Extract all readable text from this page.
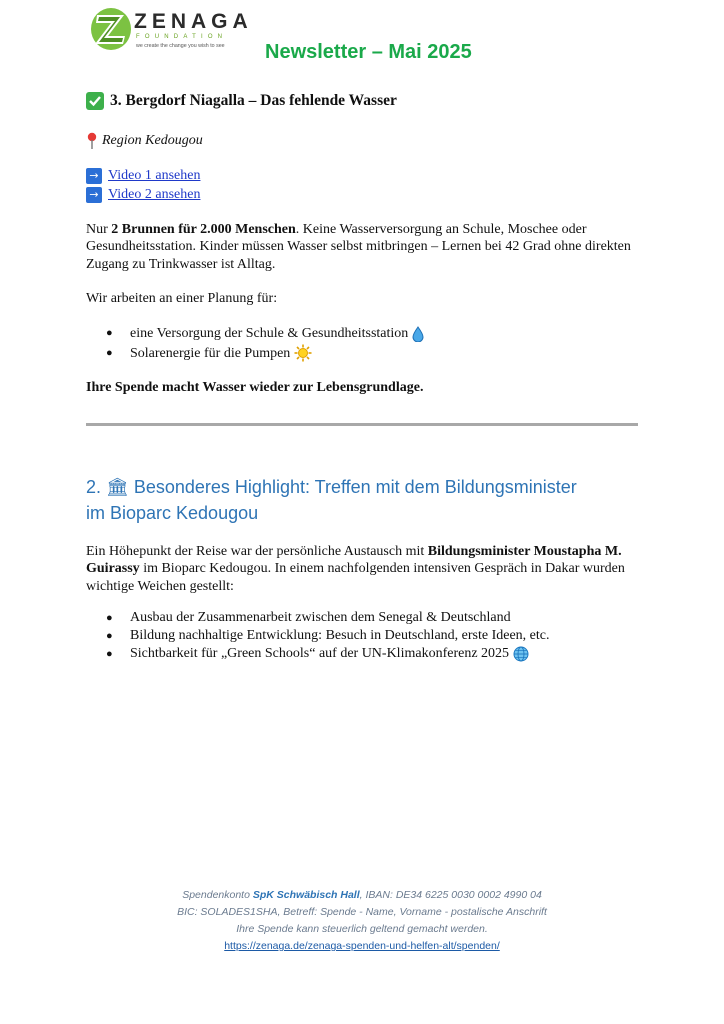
ZENAGA
FOUNDATION
we create the change you wish to see Newsletter – Mai 2025
3. Bergdorf Niagalla – Das fehlende Wasser
Region Kedougou
→ Video 1 ansehen
→ Video 2 ansehen
Nur 2 Brunnen für 2.000 Menschen. Keine Wasserversorgung an Schule, Moschee oder Gesundheitsstation. Kinder müssen Wasser selbst mitbringen – Lernen bei 42 Grad ohne direkten Zugang zu Trinkwasser ist Alltag.
Wir arbeiten an einer Planung für:
●	eine Versorgung der Schule & Gesundheitsstation
●	Solarenergie für die Pumpen
Ihre Spende macht Wasser wieder zur Lebensgrundlage.
2. 🏛 Besonderes Highlight: Treffen mit dem Bildungsminister
im Bioparc Kedougou
Ein Höhepunkt der Reise war der persönliche Austausch mit Bildungsminister Moustapha M. Guirassy im Bioparc Kedougou. In einem nachfolgenden intensiven Gespräch in Dakar wurden wichtige Weichen gestellt:
●	Ausbau der Zusammenarbeit zwischen dem Senegal & Deutschland
●	Bildung nachhaltige Entwicklung: Besuch in Deutschland, erste Ideen, etc.
●	Sichtbarkeit für „Green Schools“ auf der UN-Klimakonferenz 2025
Spendenkonto SpK Schwäbisch Hall, IBAN: DE34 6225 0030 0002 4990 04
BIC: SOLADES1SHA, Betreff: Spende - Name, Vorname - postalische Anschrift
Ihre Spende kann steuerlich geltend gemacht werden.
https://zenaga.de/zenaga-spenden-und-helfen-alt/spenden/
